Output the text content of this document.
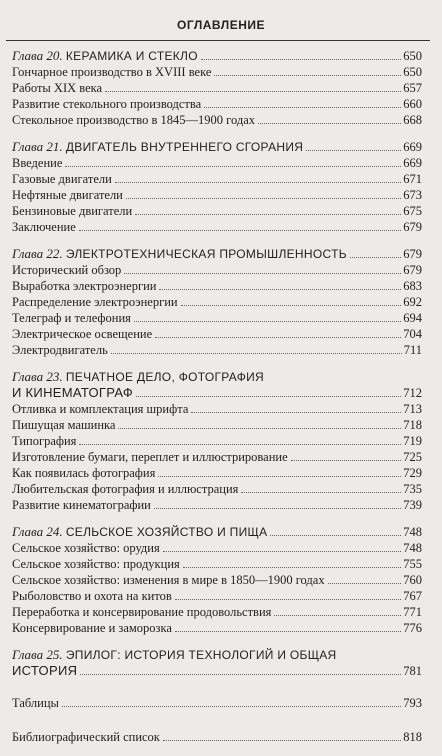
ОГЛАВЛЕНИЕ
Глава 20. КЕРАМИКА И СТЕКЛО	650
Гончарное производство в XVIII веке	650
Работы XIX века	657
Развитие стекольного производства	660
Стекольное производство в 1845—1900 годах	668
Глава 21. ДВИГАТЕЛЬ ВНУТРЕННЕГО СГОРАНИЯ	669
Введение	669
Газовые двигатели	671
Нефтяные двигатели	673
Бензиновые двигатели	675
Заключение	679
Глава 22. ЭЛЕКТРОТЕХНИЧЕСКАЯ ПРОМЫШЛЕННОСТЬ	679
Исторический обзор	679
Выработка электроэнергии	683
Распределение электроэнергии	692
Телеграф и телефония	694
Электрическое освещение	704
Электродвигатель	711
Глава 23. ПЕЧАТНОЕ ДЕЛО, ФОТОГРАФИЯ
И КИНЕМАТОГРАФ	712
Отливка и комплектация шрифта	713
Пишущая машинка	718
Типография	719
Изготовление бумаги, переплет и иллюстрирование	725
Как появилась фотография	729
Любительская фотография и иллюстрация	735
Развитие кинематографии	739
Глава 24. СЕЛЬСКОЕ ХОЗЯЙСТВО И ПИЩА	748
Сельское хозяйство: орудия	748
Сельское хозяйство: продукция	755
Сельское хозяйство: изменения в мире в 1850—1900 годах	760
Рыболовство и охота на китов	767
Переработка и консервирование продовольствия	771
Консервирование и заморозка	776
Глава 25. ЭПИЛОГ: ИСТОРИЯ ТЕХНОЛОГИЙ И ОБЩАЯ
ИСТОРИЯ	781
Таблицы	793
Библиографический список	818
